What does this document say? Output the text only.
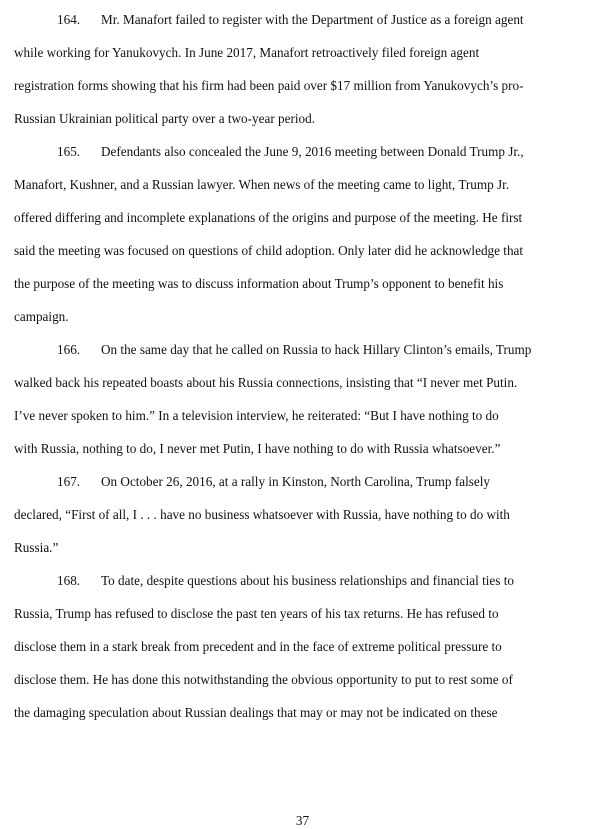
164. Mr. Manafort failed to register with the Department of Justice as a foreign agent
while working for Yanukovych. In June 2017, Manafort retroactively filed foreign agent
registration forms showing that his firm had been paid over $17 million from Yanukovych’s pro-
Russian Ukrainian political party over a two-year period.
165. Defendants also concealed the June 9, 2016 meeting between Donald Trump Jr.,
Manafort, Kushner, and a Russian lawyer. When news of the meeting came to light, Trump Jr.
offered differing and incomplete explanations of the origins and purpose of the meeting. He first
said the meeting was focused on questions of child adoption. Only later did he acknowledge that
the purpose of the meeting was to discuss information about Trump’s opponent to benefit his
campaign.
166. On the same day that he called on Russia to hack Hillary Clinton’s emails, Trump
walked back his repeated boasts about his Russia connections, insisting that “I never met Putin.
I’ve never spoken to him.” In a television interview, he reiterated: “But I have nothing to do
with Russia, nothing to do, I never met Putin, I have nothing to do with Russia whatsoever.”
167. On October 26, 2016, at a rally in Kinston, North Carolina, Trump falsely
declared, “First of all, I . . . have no business whatsoever with Russia, have nothing to do with
Russia.”
168. To date, despite questions about his business relationships and financial ties to
Russia, Trump has refused to disclose the past ten years of his tax returns. He has refused to
disclose them in a stark break from precedent and in the face of extreme political pressure to
disclose them. He has done this notwithstanding the obvious opportunity to put to rest some of
the damaging speculation about Russian dealings that may or may not be indicated on these
37
